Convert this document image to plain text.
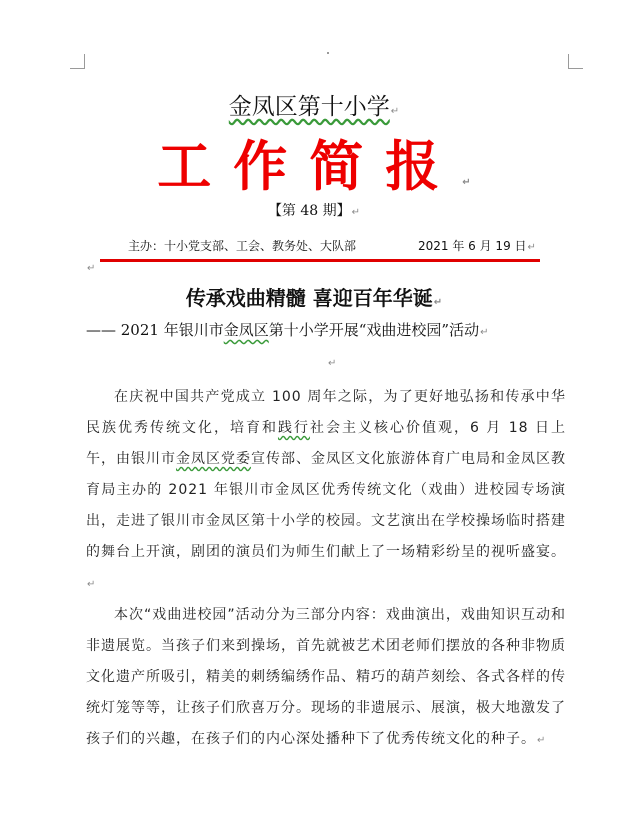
金凤区第十小学↵
工作简报↵
【第 48 期】↵
主办：十小党支部、工会、教务处、大队部	2021 年 6 月 19 日↵
↵
传承戏曲精髓 喜迎百年华诞↵
—— 2021 年银川市金凤区第十小学开展“戏曲进校园”活动↵
↵

在庆祝中国共产党成立 100 周年之际，为了更好地弘扬和传承中华民族优秀传统文化，培育和践行社会主义核心价值观，6 月 18 日上午，由银川市金凤区党委宣传部、金凤区文化旅游体育广电局和金凤区教育局主办的 2021 年银川市金凤区优秀传统文化（戏曲）进校园专场演出，走进了银川市金凤区第十小学的校园。文艺演出在学校操场临时搭建的舞台上开演，剧团的演员们为师生们献上了一场精彩纷呈的视听盛宴。↵

本次“戏曲进校园”活动分为三部分内容：戏曲演出，戏曲知识互动和非遗展览。当孩子们来到操场，首先就被艺术团老师们摆放的各种非物质文化遗产所吸引，精美的刺绣编绣作品、精巧的葫芦刻绘、各式各样的传统灯笼等等，让孩子们欣喜万分。现场的非遗展示、展演，极大地激发了孩子们的兴趣，在孩子们的内心深处播种下了优秀传统文化的种子。↵
